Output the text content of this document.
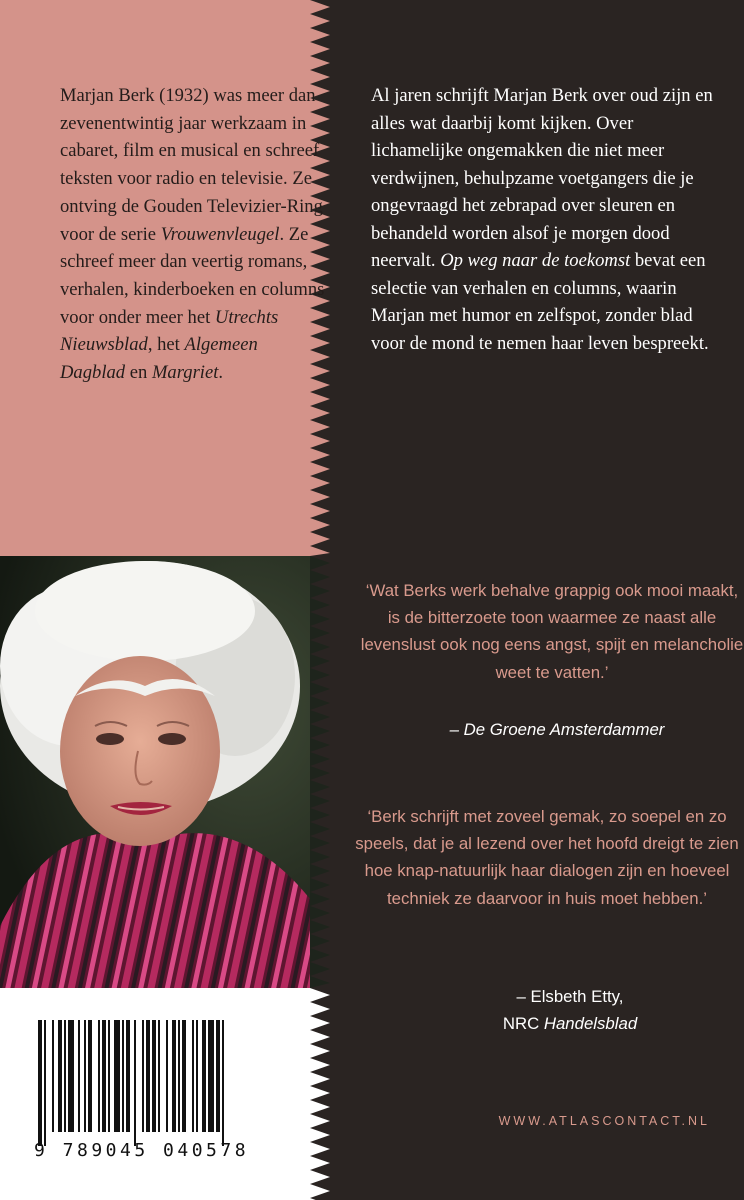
9 789045 040578
Marjan Berk (1932) was meer dan zevenentwintig jaar werkzaam in cabaret, film en musical en schreef teksten voor radio en televisie. Ze ontving de Gouden Televizier-Ring voor de serie Vrouwenvleugel. Ze schreef meer dan veertig romans, verhalen, kinderboeken en columns voor onder meer het Utrechts Nieuwsblad, het Algemeen Dagblad en Margriet.
Al jaren schrijft Marjan Berk over oud zijn en alles wat daarbij komt kijken. Over lichamelijke ongemakken die niet meer verdwijnen, behulpzame voetgangers die je ongevraagd het zebrapad over sleuren en behandeld worden alsof je morgen dood neervalt. Op weg naar de toekomst bevat een selectie van verhalen en columns, waarin Marjan met humor en zelfspot, zonder blad voor de mond te nemen haar leven bespreekt.
‘Wat Berks werk behalve grappig ook mooi maakt, is de bitterzoete toon waarmee ze naast alle levenslust ook nog eens angst, spijt en melancholie weet te vatten.’
– De Groene Amsterdammer
‘Berk schrijft met zoveel gemak, zo soepel en zo speels, dat je al lezend over het hoofd dreigt te zien hoe knap-natuurlijk haar dialogen zijn en hoeveel techniek ze daarvoor in huis moet hebben.’
– Elsbeth Etty,
NRC Handelsblad
WWW.ATLASCONTACT.NL
